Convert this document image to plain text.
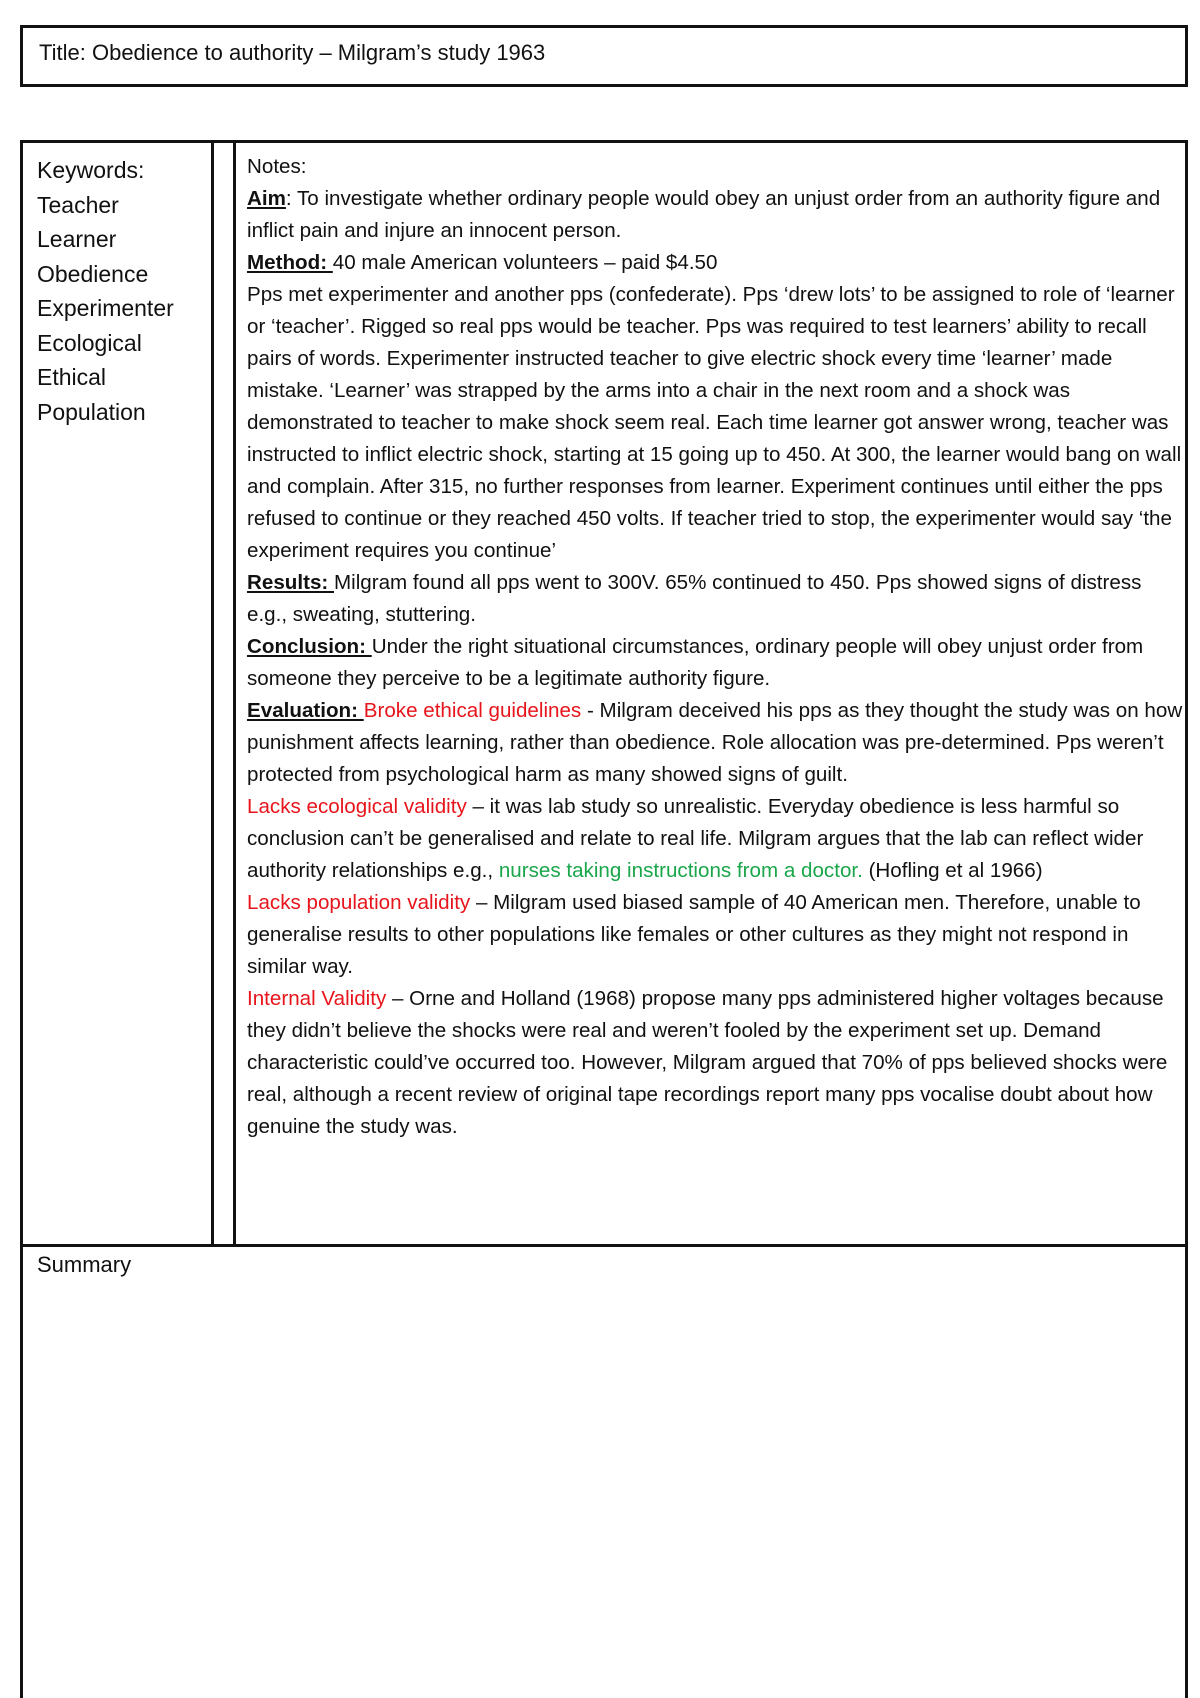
Title: Obedience to authority – Milgram’s study 1963
Keywords:
Teacher
Learner
Obedience
Experimenter
Ecological
Ethical
Population

Notes:

Aim: To investigate whether ordinary people would obey an unjust order from an authority figure and inflict pain and injure an innocent person.

Method: 40 male American volunteers – paid $4.50

Pps met experimenter and another pps (confederate). Pps ‘drew lots’ to be assigned to role of ‘learner or ‘teacher’. Rigged so real pps would be teacher. Pps was required to test learners’ ability to recall pairs of words. Experimenter instructed teacher to give electric shock every time ‘learner’ made mistake. ‘Learner’ was strapped by the arms into a chair in the next room and a shock was demonstrated to teacher to make shock seem real. Each time learner got answer wrong, teacher was instructed to inflict electric shock, starting at 15 going up to 450. At 300, the learner would bang on wall and complain. After 315, no further responses from learner. Experiment continues until either the pps refused to continue or they reached 450 volts. If teacher tried to stop, the experimenter would say ‘the experiment requires you continue’

Results: Milgram found all pps went to 300V. 65% continued to 450. Pps showed signs of distress e.g., sweating, stuttering.

Conclusion: Under the right situational circumstances, ordinary people will obey unjust order from someone they perceive to be a legitimate authority figure.

Evaluation: Broke ethical guidelines - Milgram deceived his pps as they thought the study was on how punishment affects learning, rather than obedience. Role allocation was pre-determined. Pps weren’t protected from psychological harm as many showed signs of guilt.

Lacks ecological validity – it was lab study so unrealistic. Everyday obedience is less harmful so conclusion can’t be generalised and relate to real life. Milgram argues that the lab can reflect wider authority relationships e.g., nurses taking instructions from a doctor. (Hofling et al 1966)

Lacks population validity – Milgram used biased sample of 40 American men. Therefore, unable to generalise results to other populations like females or other cultures as they might not respond in similar way.

Internal Validity – Orne and Holland (1968) propose many pps administered higher voltages because they didn’t believe the shocks were real and weren’t fooled by the experiment set up. Demand characteristic could’ve occurred too. However, Milgram argued that 70% of pps believed shocks were real, although a recent review of original tape recordings report many pps vocalise doubt about how genuine the study was.

Summary
